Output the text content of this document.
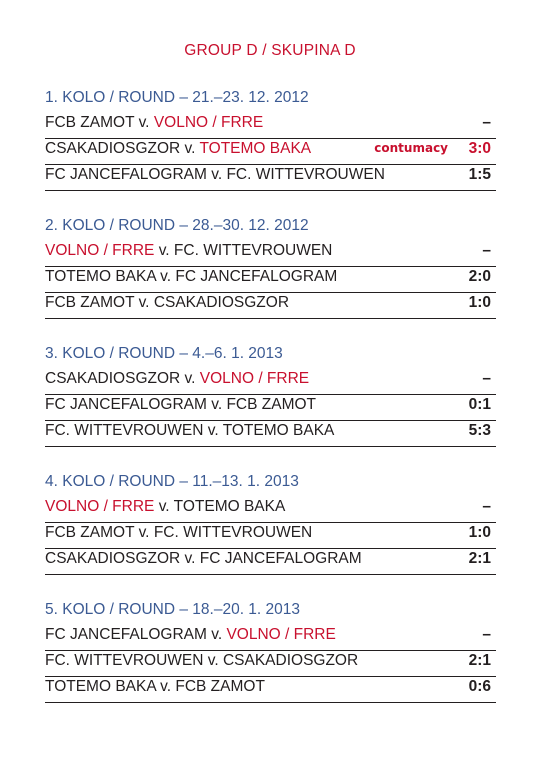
GROUP D / SKUPINA D
1. KOLO / ROUND – 21.–23. 12. 2012
FCB ZAMOT v. VOLNO / FRRE	–
CSAKADIOSGZOR v. TOTEMO BAKA	contumacy 3:0
FC JANCEFALOGRAM v. FC. WITTEVROUWEN	1:5
2. KOLO / ROUND – 28.–30. 12. 2012
VOLNO / FRRE v. FC. WITTEVROUWEN	–
TOTEMO BAKA v. FC JANCEFALOGRAM	2:0
FCB ZAMOT v. CSAKADIOSGZOR	1:0
3. KOLO / ROUND – 4.–6. 1. 2013
CSAKADIOSGZOR v. VOLNO / FRRE	–
FC JANCEFALOGRAM v. FCB ZAMOT	0:1
FC. WITTEVROUWEN v. TOTEMO BAKA	5:3
4. KOLO / ROUND – 11.–13. 1. 2013
VOLNO / FRRE v. TOTEMO BAKA	–
FCB ZAMOT v. FC. WITTEVROUWEN	1:0
CSAKADIOSGZOR v. FC JANCEFALOGRAM	2:1
5. KOLO / ROUND – 18.–20. 1. 2013
FC JANCEFALOGRAM v. VOLNO / FRRE	–
FC. WITTEVROUWEN v. CSAKADIOSGZOR	2:1
TOTEMO BAKA v. FCB ZAMOT	0:6
